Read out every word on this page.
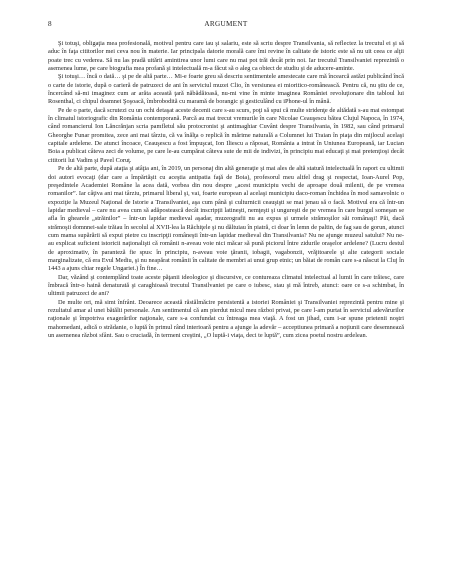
8	ARGUMENT

Şi totuşi, obligaţia mea profesională, motivul pentru care iau şi salariu, este să scriu despre Transilvania, să reflectez la trecutul ei şi să aduc în faţa cititorilor mei ceva nou în materie. Iar principala datorie morală care îmi revine în calitate de istoric este să nu uit ceea ce alţii poate trec cu vederea. Să nu las pradă uitării amintirea unor lumi care nu mai pot trăi decât prin noi. Iar trecutul Transilvaniei reprezintă o asemenea lume, pe care biografia mea profană şi intelectuală m-a făcut să o aleg ca obiect de studiu şi de aducere-aminte.

Şi totuşi… încă o dată… şi pe de altă parte… Mi-e foarte greu să descriu sentimentele amestecate care mă încearcă astăzi publicând încă o carte de istorie, după o carieră de patruzeci de ani în serviciul muzei Clio, în versiunea ei mioritico-românească. Pentru că, nu ştiu de ce, încercând să-mi imaginez cum ar arăta această ţară năbădăioasă, nu-mi vine în minte imaginea României revoluţionare din tabloul lui Rosenthal, ci chipul doamnei Şoşoacă, îmbrobodită cu maramă de borangic şi gesticulând cu iPhone-ul în mână.

Pe de o parte, dacă scrutezi cu un ochi detaşat aceste decenii care s-au scurs, poţi să spui că multe stridenţe de altădată s-au mai estompat în climatul istoriografic din România contemporană. Parcă au mai trecut vremurile în care Nicolae Ceauşescu bătea Clujul Napoca, în 1974, când romancierul Ion Lăncrănjan scria pamfletul său protocronist şi antimaghiar Cuvânt despre Transilvania, în 1982, sau când primarul Gheorghe Funar promitea, zece ani mai târziu, că va înălţa o replică în mărime naturală a Columnei lui Traian în piaţa din mijlocul acelaşi capitale ardelene. De atunci încoace, Ceauşescu a fost împuşcat, Ion Iliescu a răposat, România a intrat în Uniunea Europeană, iar Lucian Boia a publicat câteva zeci de volume, pe care le-au cumpărat câteva sute de mii de indivizi, în principiu mai educaţi şi mai pretenţioşi decât cititorii lui Vadim şi Pavel Coruţ.

Pe de altă parte, după ataţia şi atâţia ani, în 2019, un personaj din altă generaţie şi mai ales de altă statură intelectuală în raport cu ultimii doi autori evocaţi (dar care a împărtăşit cu aceştia antipatia faţă de Boia), profesorul meu altfel drag şi respectat, Ioan-Aurel Pop, preşedintele Academiei Române la acea dată, vorbea din nou despre „acest municipiu vechi de aproape două milenii, de pe vremea romanilor”. Iar câţiva ani mai târziu, primarul liberal şi, vai, foarte european al acelaşi municipiu daco-roman închidea în mod samavolnic o expoziţie la Muzeul Naţional de Istorie a Transilvaniei, aşa cum până şi culturnicii ceauşişti se mai jenau să o facă. Motivul era că într-un lapidar medieval – care nu avea cum să adăpostească decât inscripţii latineşti, nemţeşti şi ungureşti de pe vremea în care burgul someşan se afla în ghearele „străinilor” – într-un lapidar medieval aşadar, muzeografii nu au expus şi urmele strămoşilor săi românaşi! Păi, dacă strămoşii domnnei-sale trăiau în secolul al XVII-lea la Răchiţele şi nu dăltuiau în piatră, ci doar în lemn de paltin, de fag sau de gorun, atunci cum mama supărării să expui pietre cu inscripţii româneşti într-un lapidar medieval din Transilvania? Nu ne ajunge muzeul satului? Nu ne-au explicat suficient istoricii naţionalişti că românii n-aveau voie nici măcar să pună piciorul între zidurile oraşelor ardelene? (Lucru destul de aproximativ, în paranteză fie spus: în principiu, n-aveau voie ţăranii, iobagii, vagabonzii, vrăjitoarele şi alte categorii sociale marginalizate, că era Evul Mediu, şi nu neapărat românii în calitate de membri ai unui grup etnic; un băiat de român care s-a născut la Cluj în 1443 a ajuns chiar regele Ungariei.) În fine…

Dar, văzând şi contemplând toate aceste păţanii ideologice şi discursive, ce contureaza climatul intelectual al lumii în care trăiesc, care îmbracă într-o haină denaturată şi caraghioasă trecutul Transilvaniei pe care o iubesc, stau şi mă întreb, atunci: oare ce s-a schimbat, în ultimii patruzeci de ani?

De multe ori, mă simt înfrânt. Deoarece această răstălmăcire persistentă a istoriei României şi Transilvaniei reprezintă pentru mine şi rezultatul amar al unei bătălii personale. Am sentimentul că am pierdut micul meu război privat, pe care l-am purtat în serviciul adevărurilor raţionale şi împotriva exagerărilor naţionale, care s-a confundat cu întreaga mea viaţă. A fost un jihad, cum i-ar spune prietenii noştri mahomedani, adică o strădanie, o luptă în primul rând interioară pentru a ajunge la adevăr – acceptiunea primară a noţiunii care desemnează un asemenea război sfânt. Sau o cruciadă, în termeni creştini, „O luptă-i viaţa, deci te luptă”, cum zicea poetul nostru ardelean.
